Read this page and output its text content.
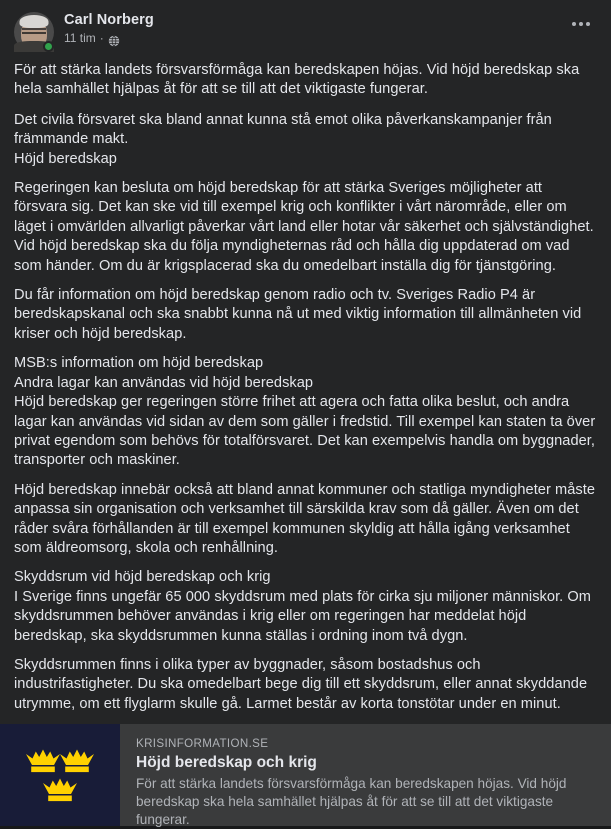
Carl Norberg
11 tim ·
För att stärka landets försvarsförmåga kan beredskapen höjas. Vid höjd beredskap ska hela samhället hjälpas åt för att se till att det viktigaste fungerar.
Det civila försvaret ska bland annat kunna stå emot olika påverkanskampanjer från främmande makt.
Höjd beredskap
Regeringen kan besluta om höjd beredskap för att stärka Sveriges möjligheter att försvara sig. Det kan ske vid till exempel krig och konflikter i vårt närområde, eller om läget i omvärlden allvarligt påverkar vårt land eller hotar vår säkerhet och självständighet. Vid höjd beredskap ska du följa myndigheternas råd och hålla dig uppdaterad om vad som händer. Om du är krigsplacerad ska du omedelbart inställa dig för tjänstgöring.
Du får information om höjd beredskap genom radio och tv. Sveriges Radio P4 är beredskapskanal och ska snabbt kunna nå ut med viktig information till allmänheten vid kriser och höjd beredskap.
MSB:s information om höjd beredskap
Andra lagar kan användas vid höjd beredskap
Höjd beredskap ger regeringen större frihet att agera och fatta olika beslut, och andra lagar kan användas vid sidan av dem som gäller i fredstid. Till exempel kan staten ta över privat egendom som behövs för totalförsvaret. Det kan exempelvis handla om byggnader, transporter och maskiner.
Höjd beredskap innebär också att bland annat kommuner och statliga myndigheter måste anpassa sin organisation och verksamhet till särskilda krav som då gäller. Även om det råder svåra förhållanden är till exempel kommunen skyldig att hålla igång verksamhet som äldreomsorg, skola och renhållning.
Skyddsrum vid höjd beredskap och krig
I Sverige finns ungefär 65 000 skyddsrum med plats för cirka sju miljoner människor. Om skyddsrummen behöver användas i krig eller om regeringen har meddelat höjd beredskap, ska skyddsrummen kunna ställas i ordning inom två dygn.
Skyddsrummen finns i olika typer av byggnader, såsom bostadshus och industrifastigheter. Du ska omedelbart bege dig till ett skyddsrum, eller annat skyddande utrymme, om ett flyglarm skulle gå. Larmet består av korta tonstötar under en minut.
KRISINFORMATION.SE
Höjd beredskap och krig
För att stärka landets försvarsförmåga kan beredskapen höjas. Vid höjd beredskap ska hela samhället hjälpas åt för att se till att det viktigaste fungerar.
